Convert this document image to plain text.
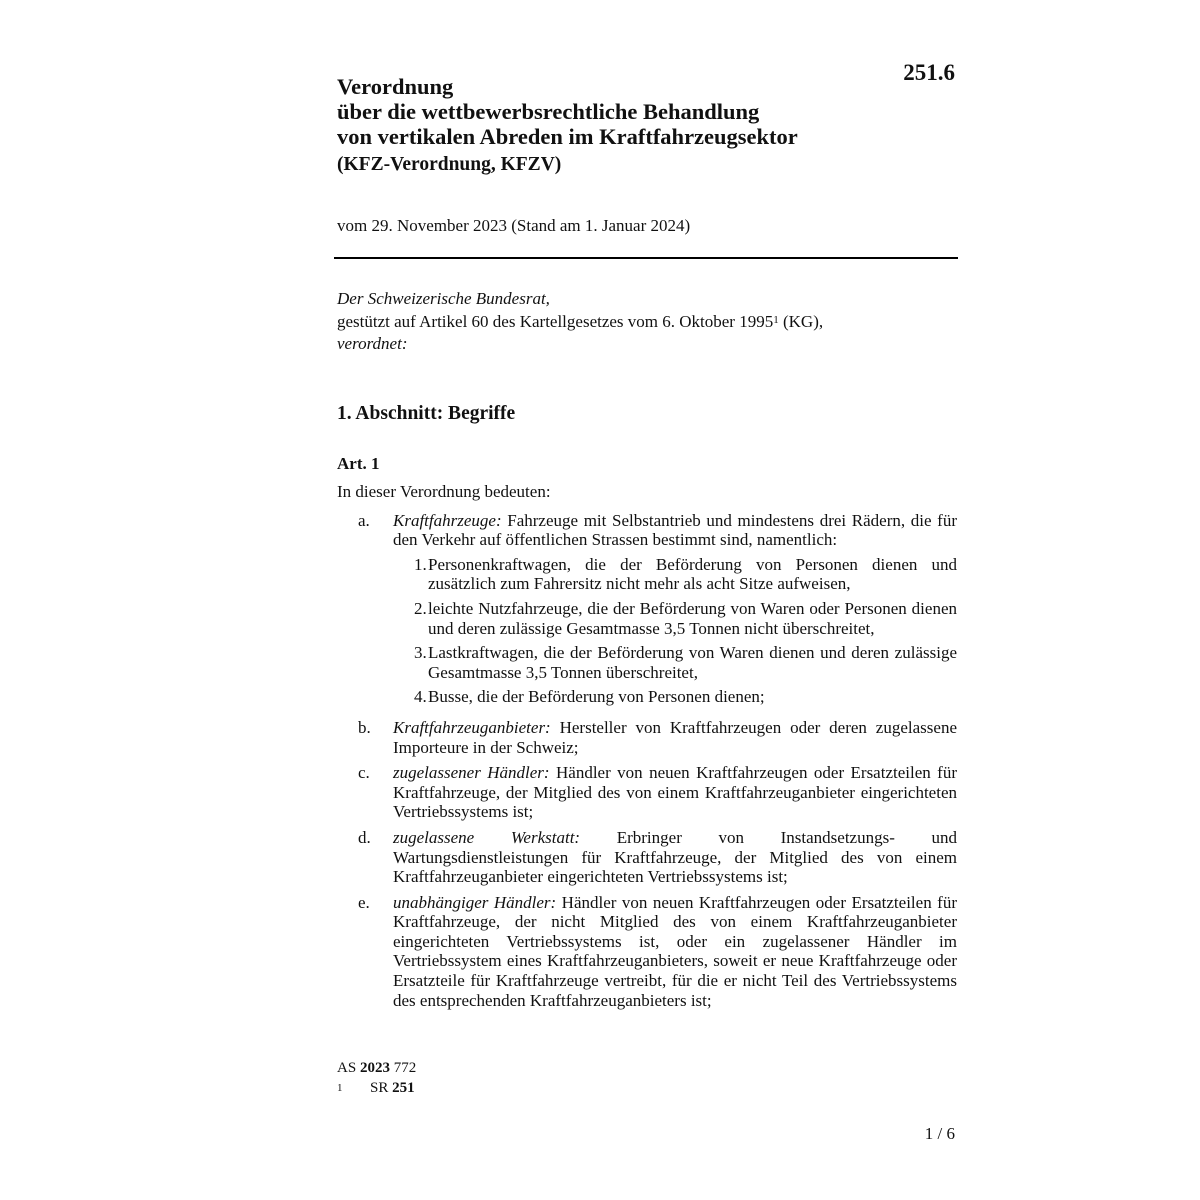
251.6
Verordnung
über die wettbewerbsrechtliche Behandlung
von vertikalen Abreden im Kraftfahrzeugsektor
(KFZ-Verordnung, KFZV)
vom 29. November 2023 (Stand am 1. Januar 2024)
Der Schweizerische Bundesrat,
gestützt auf Artikel 60 des Kartellgesetzes vom 6. Oktober 1995$^1$ (KG),
verordnet:
1. Abschnitt: Begriffe
Art. 1
In dieser Verordnung bedeuten:
a.	Kraftfahrzeuge: Fahrzeuge mit Selbstantrieb und mindestens drei Rädern, die für den Verkehr auf öffentlichen Strassen bestimmt sind, namentlich:
1. Personenkraftwagen, die der Beförderung von Personen dienen und zusätzlich zum Fahrersitz nicht mehr als acht Sitze aufweisen,
2. leichte Nutzfahrzeuge, die der Beförderung von Waren oder Personen dienen und deren zulässige Gesamtmasse 3,5 Tonnen nicht überschreitet,
3. Lastkraftwagen, die der Beförderung von Waren dienen und deren zulässige Gesamtmasse 3,5 Tonnen überschreitet,
4. Busse, die der Beförderung von Personen dienen;
b.	Kraftfahrzeuganbieter: Hersteller von Kraftfahrzeugen oder deren zugelassene Importeure in der Schweiz;
c.	zugelassener Händler: Händler von neuen Kraftfahrzeugen oder Ersatzteilen für Kraftfahrzeuge, der Mitglied des von einem Kraftfahrzeuganbieter eingerichteten Vertriebssystems ist;
d.	zugelassene Werkstatt: Erbringer von Instandsetzungs- und Wartungsdienstleistungen für Kraftfahrzeuge, der Mitglied des von einem Kraftfahrzeuganbieter eingerichteten Vertriebssystems ist;
e.	unabhängiger Händler: Händler von neuen Kraftfahrzeugen oder Ersatzteilen für Kraftfahrzeuge, der nicht Mitglied des von einem Kraftfahrzeuganbieter eingerichteten Vertriebssystems ist, oder ein zugelassener Händler im Vertriebssystem eines Kraftfahrzeuganbieters, soweit er neue Kraftfahrzeuge oder Ersatzteile für Kraftfahrzeuge vertreibt, für die er nicht Teil des Vertriebssystems des entsprechenden Kraftfahrzeuganbieters ist;
AS 2023 772
1 SR 251
1 / 6
